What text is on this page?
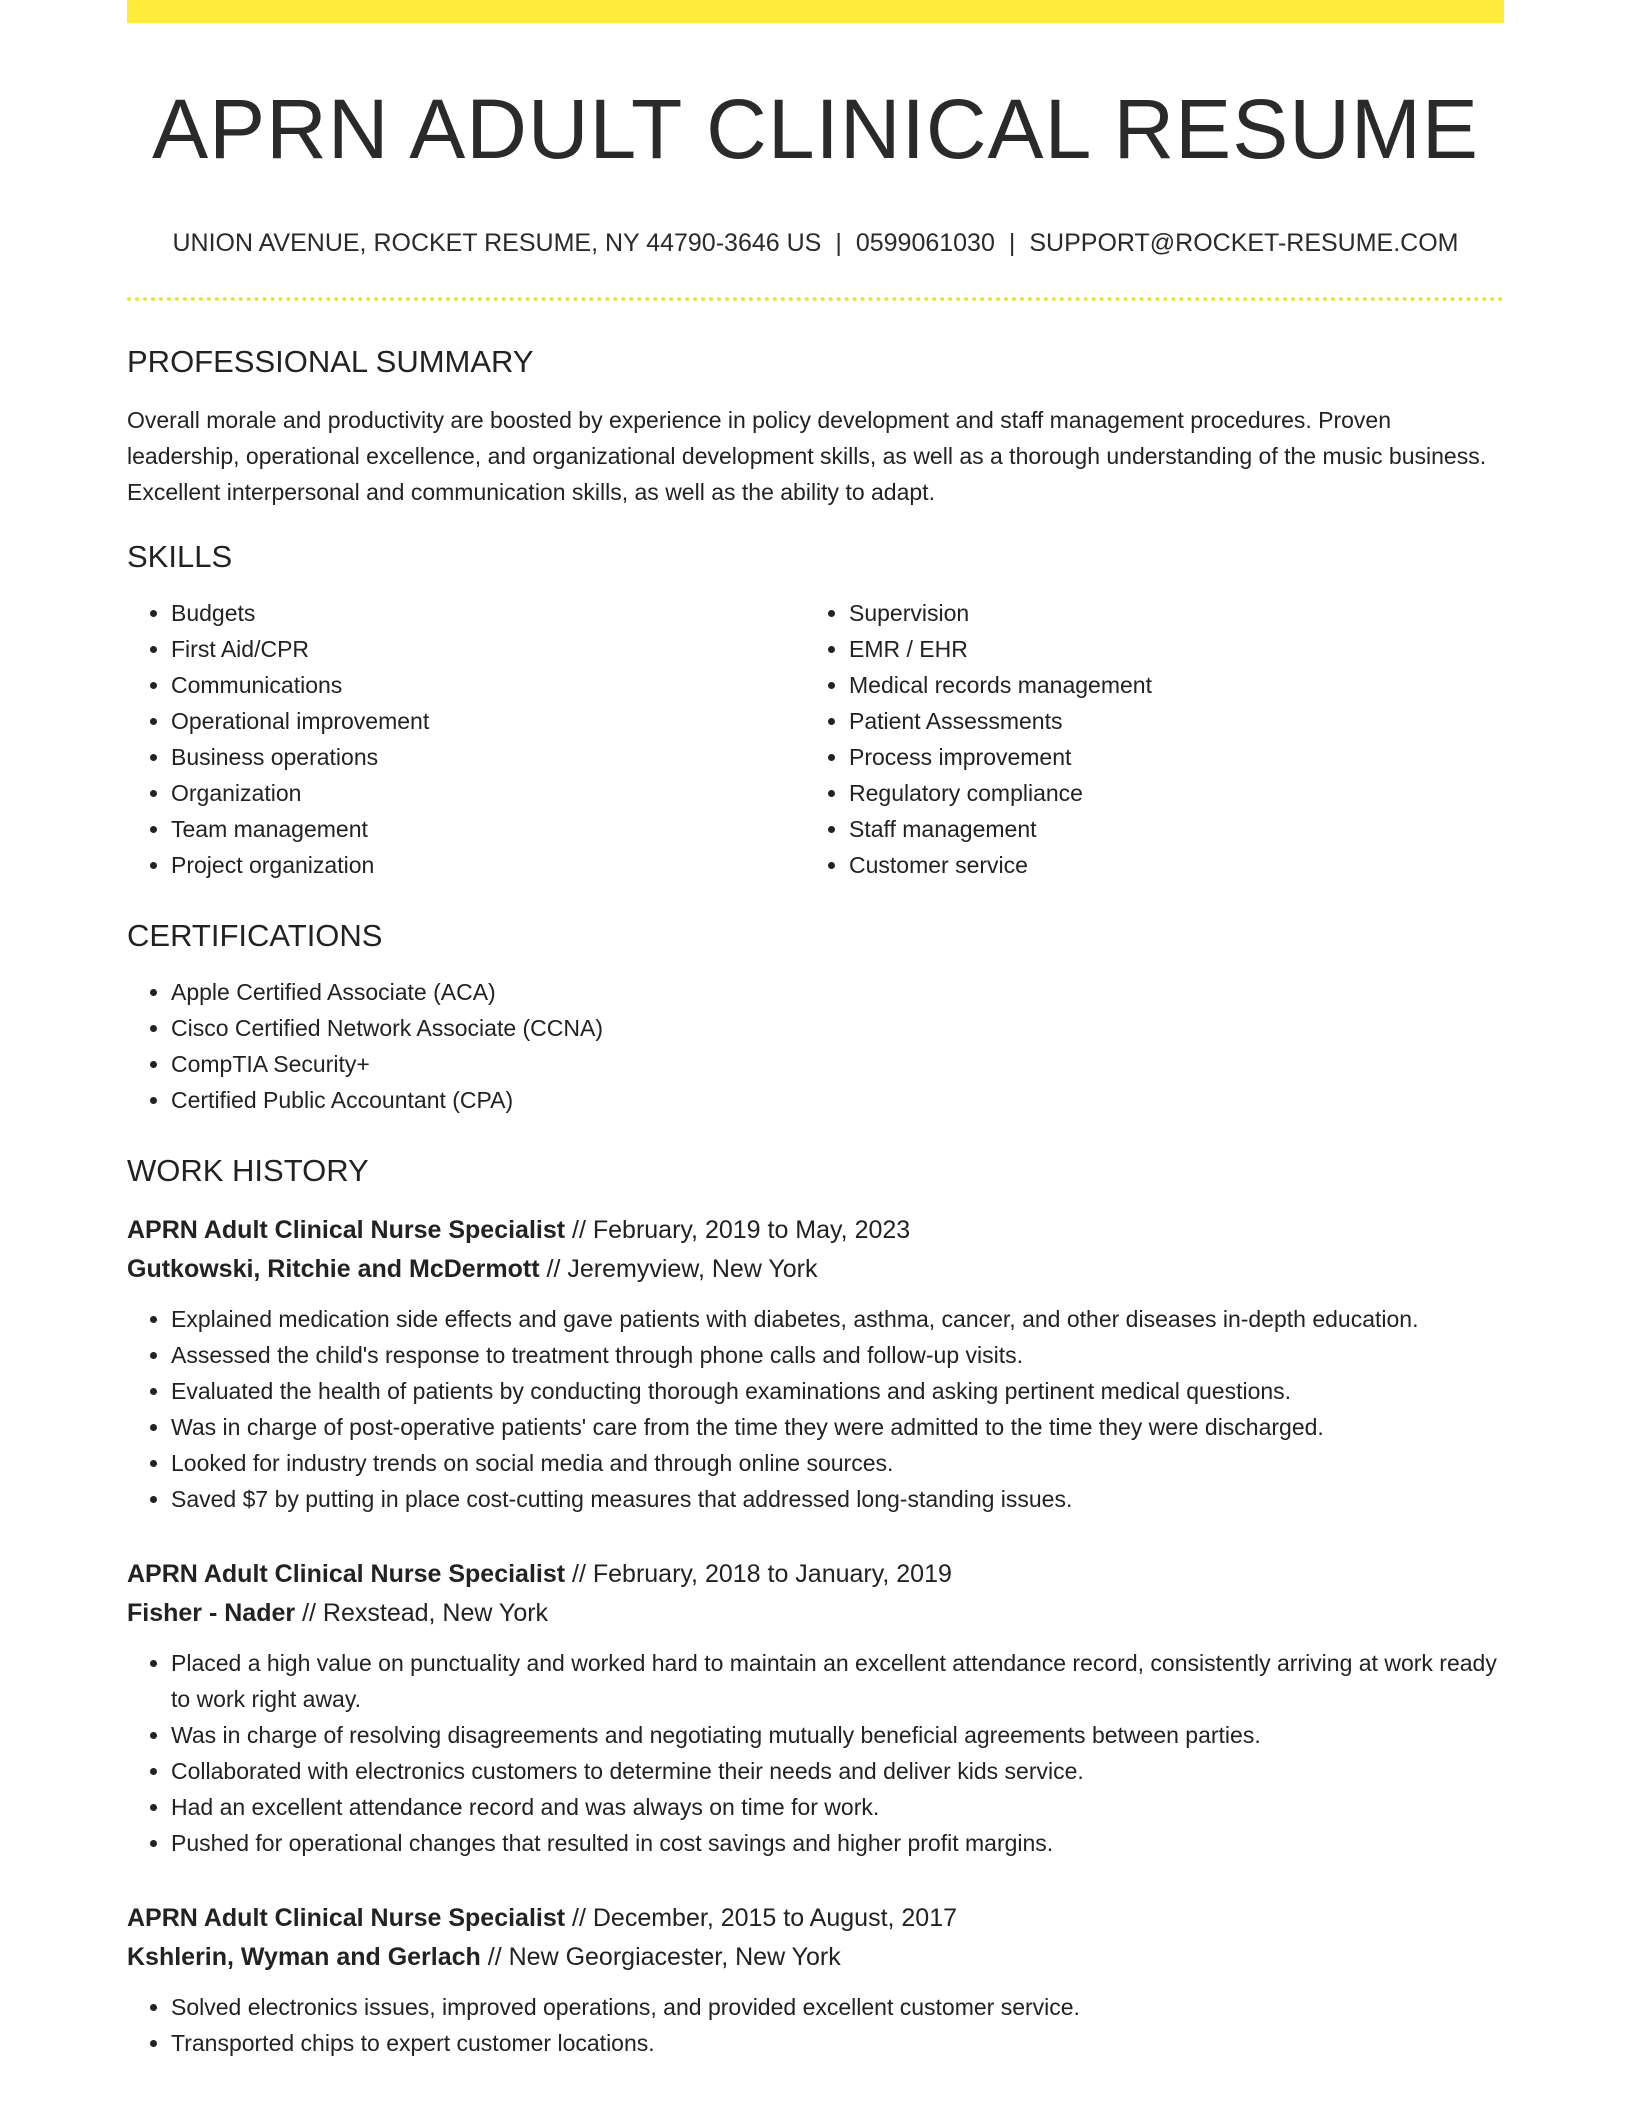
APRN ADULT CLINICAL RESUME
UNION AVENUE, ROCKET RESUME, NY 44790-3646 US | 0599061030 | SUPPORT@ROCKET-RESUME.COM
PROFESSIONAL SUMMARY

Overall morale and productivity are boosted by experience in policy development and staff management procedures. Proven leadership, operational excellence, and organizational development skills, as well as a thorough understanding of the music business. Excellent interpersonal and communication skills, as well as the ability to adapt.

SKILLS
• Budgets
• First Aid/CPR
• Communications
• Operational improvement
• Business operations
• Organization
• Team management
• Project organization
• Supervision
• EMR / EHR
• Medical records management
• Patient Assessments
• Process improvement
• Regulatory compliance
• Staff management
• Customer service
CERTIFICATIONS
• Apple Certified Associate (ACA)
• Cisco Certified Network Associate (CCNA)
• CompTIA Security+
• Certified Public Accountant (CPA)
WORK HISTORY
APRN Adult Clinical Nurse Specialist // February, 2019 to May, 2023
Gutkowski, Ritchie and McDermott // Jeremyview, New York
• Explained medication side effects and gave patients with diabetes, asthma, cancer, and other diseases in-depth education.
• Assessed the child's response to treatment through phone calls and follow-up visits.
• Evaluated the health of patients by conducting thorough examinations and asking pertinent medical questions.
• Was in charge of post-operative patients' care from the time they were admitted to the time they were discharged.
• Looked for industry trends on social media and through online sources.
• Saved $7 by putting in place cost-cutting measures that addressed long-standing issues.
APRN Adult Clinical Nurse Specialist // February, 2018 to January, 2019
Fisher - Nader // Rexstead, New York
• Placed a high value on punctuality and worked hard to maintain an excellent attendance record, consistently arriving at work ready to work right away.
• Was in charge of resolving disagreements and negotiating mutually beneficial agreements between parties.
• Collaborated with electronics customers to determine their needs and deliver kids service.
• Had an excellent attendance record and was always on time for work.
• Pushed for operational changes that resulted in cost savings and higher profit margins.
APRN Adult Clinical Nurse Specialist // December, 2015 to August, 2017
Kshlerin, Wyman and Gerlach // New Georgiacester, New York
• Solved electronics issues, improved operations, and provided excellent customer service.
• Transported chips to expert customer locations.
